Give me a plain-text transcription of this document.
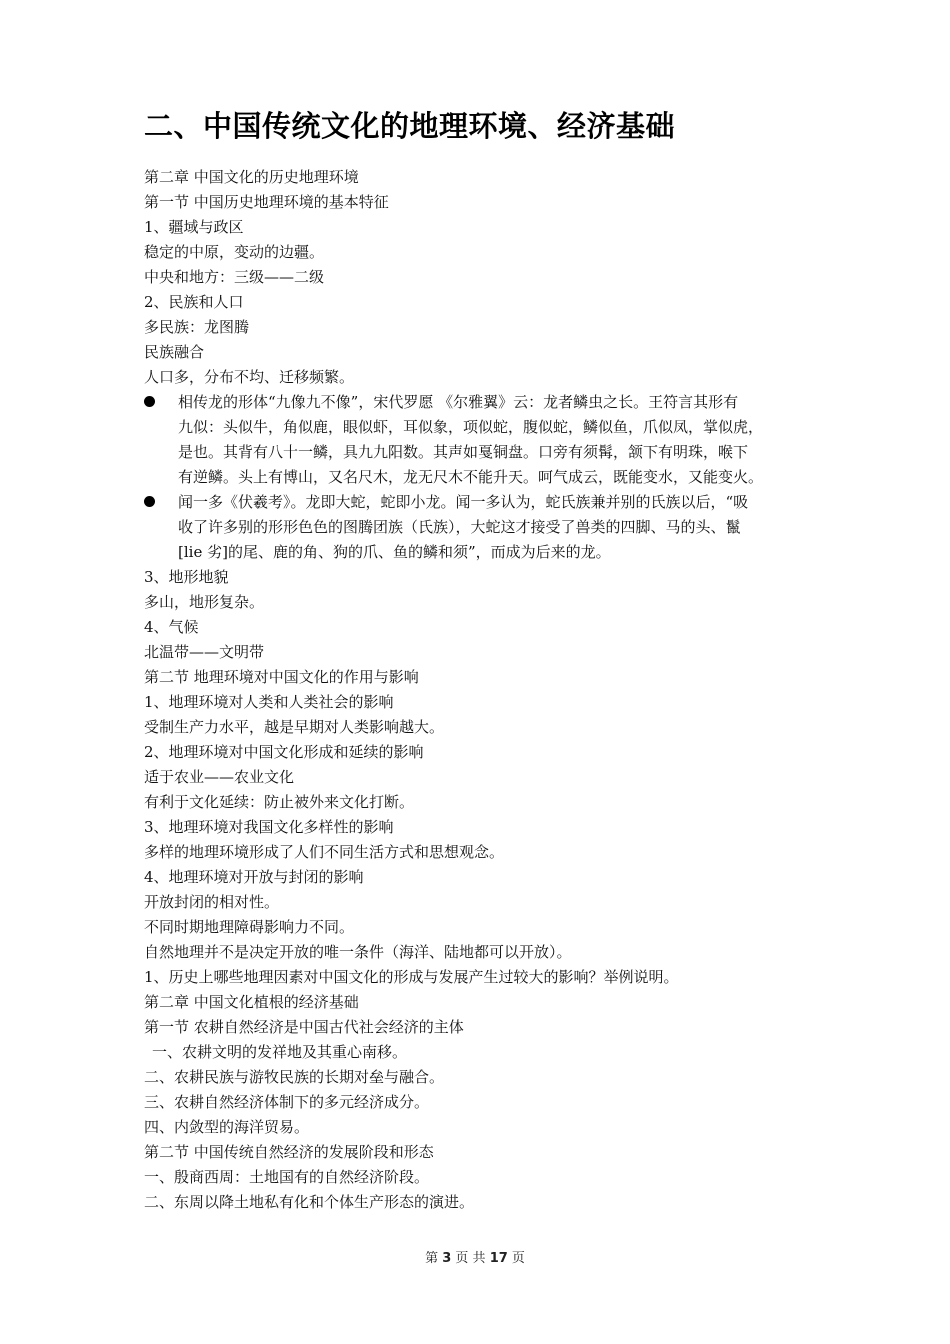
二、中国传统文化的地理环境、经济基础
第二章 中国文化的历史地理环境
第一节 中国历史地理环境的基本特征
1、疆域与政区
稳定的中原，变动的边疆。
中央和地方：三级——二级
2、民族和人口
多民族：龙图腾
民族融合
人口多，分布不均、迁移频繁。
相传龙的形体“九像九不像”，宋代罗愿 《尔雅翼》云：龙者鳞虫之长。王符言其形有
九似：头似牛，角似鹿，眼似虾，耳似象，项似蛇，腹似蛇，鳞似鱼，爪似凤，掌似虎，
是也。其背有八十一鳞，具九九阳数。其声如戛铜盘。口旁有须髯，颔下有明珠，喉下
有逆鳞。头上有博山，又名尺木，龙无尺木不能升天。呵气成云，既能变水，又能变火。
闻一多《伏羲考》。龙即大蛇，蛇即小龙。闻一多认为，蛇氏族兼并别的氏族以后，“吸
收了许多别的形形色色的图腾团族（氏族），大蛇这才接受了兽类的四脚、马的头、鬣
[lie 劣]的尾、鹿的角、狗的爪、鱼的鳞和须”，而成为后来的龙。
3、地形地貌
多山，地形复杂。
4、气候
北温带——文明带
第二节 地理环境对中国文化的作用与影响
1、地理环境对人类和人类社会的影响
受制生产力水平，越是早期对人类影响越大。
2、地理环境对中国文化形成和延续的影响
适于农业——农业文化
有利于文化延续：防止被外来文化打断。
3、地理环境对我国文化多样性的影响
多样的地理环境形成了人们不同生活方式和思想观念。
4、地理环境对开放与封闭的影响
开放封闭的相对性。
不同时期地理障碍影响力不同。
自然地理并不是决定开放的唯一条件（海洋、陆地都可以开放）。
1、历史上哪些地理因素对中国文化的形成与发展产生过较大的影响？举例说明。
第二章 中国文化植根的经济基础
第一节 农耕自然经济是中国古代社会经济的主体
一、农耕文明的发祥地及其重心南移。
二、农耕民族与游牧民族的长期对垒与融合。
三、农耕自然经济体制下的多元经济成分。
四、内敛型的海洋贸易。
第二节 中国传统自然经济的发展阶段和形态
一、殷商西周：土地国有的自然经济阶段。
二、东周以降土地私有化和个体生产形态的演进。
第 3 页 共 17 页
